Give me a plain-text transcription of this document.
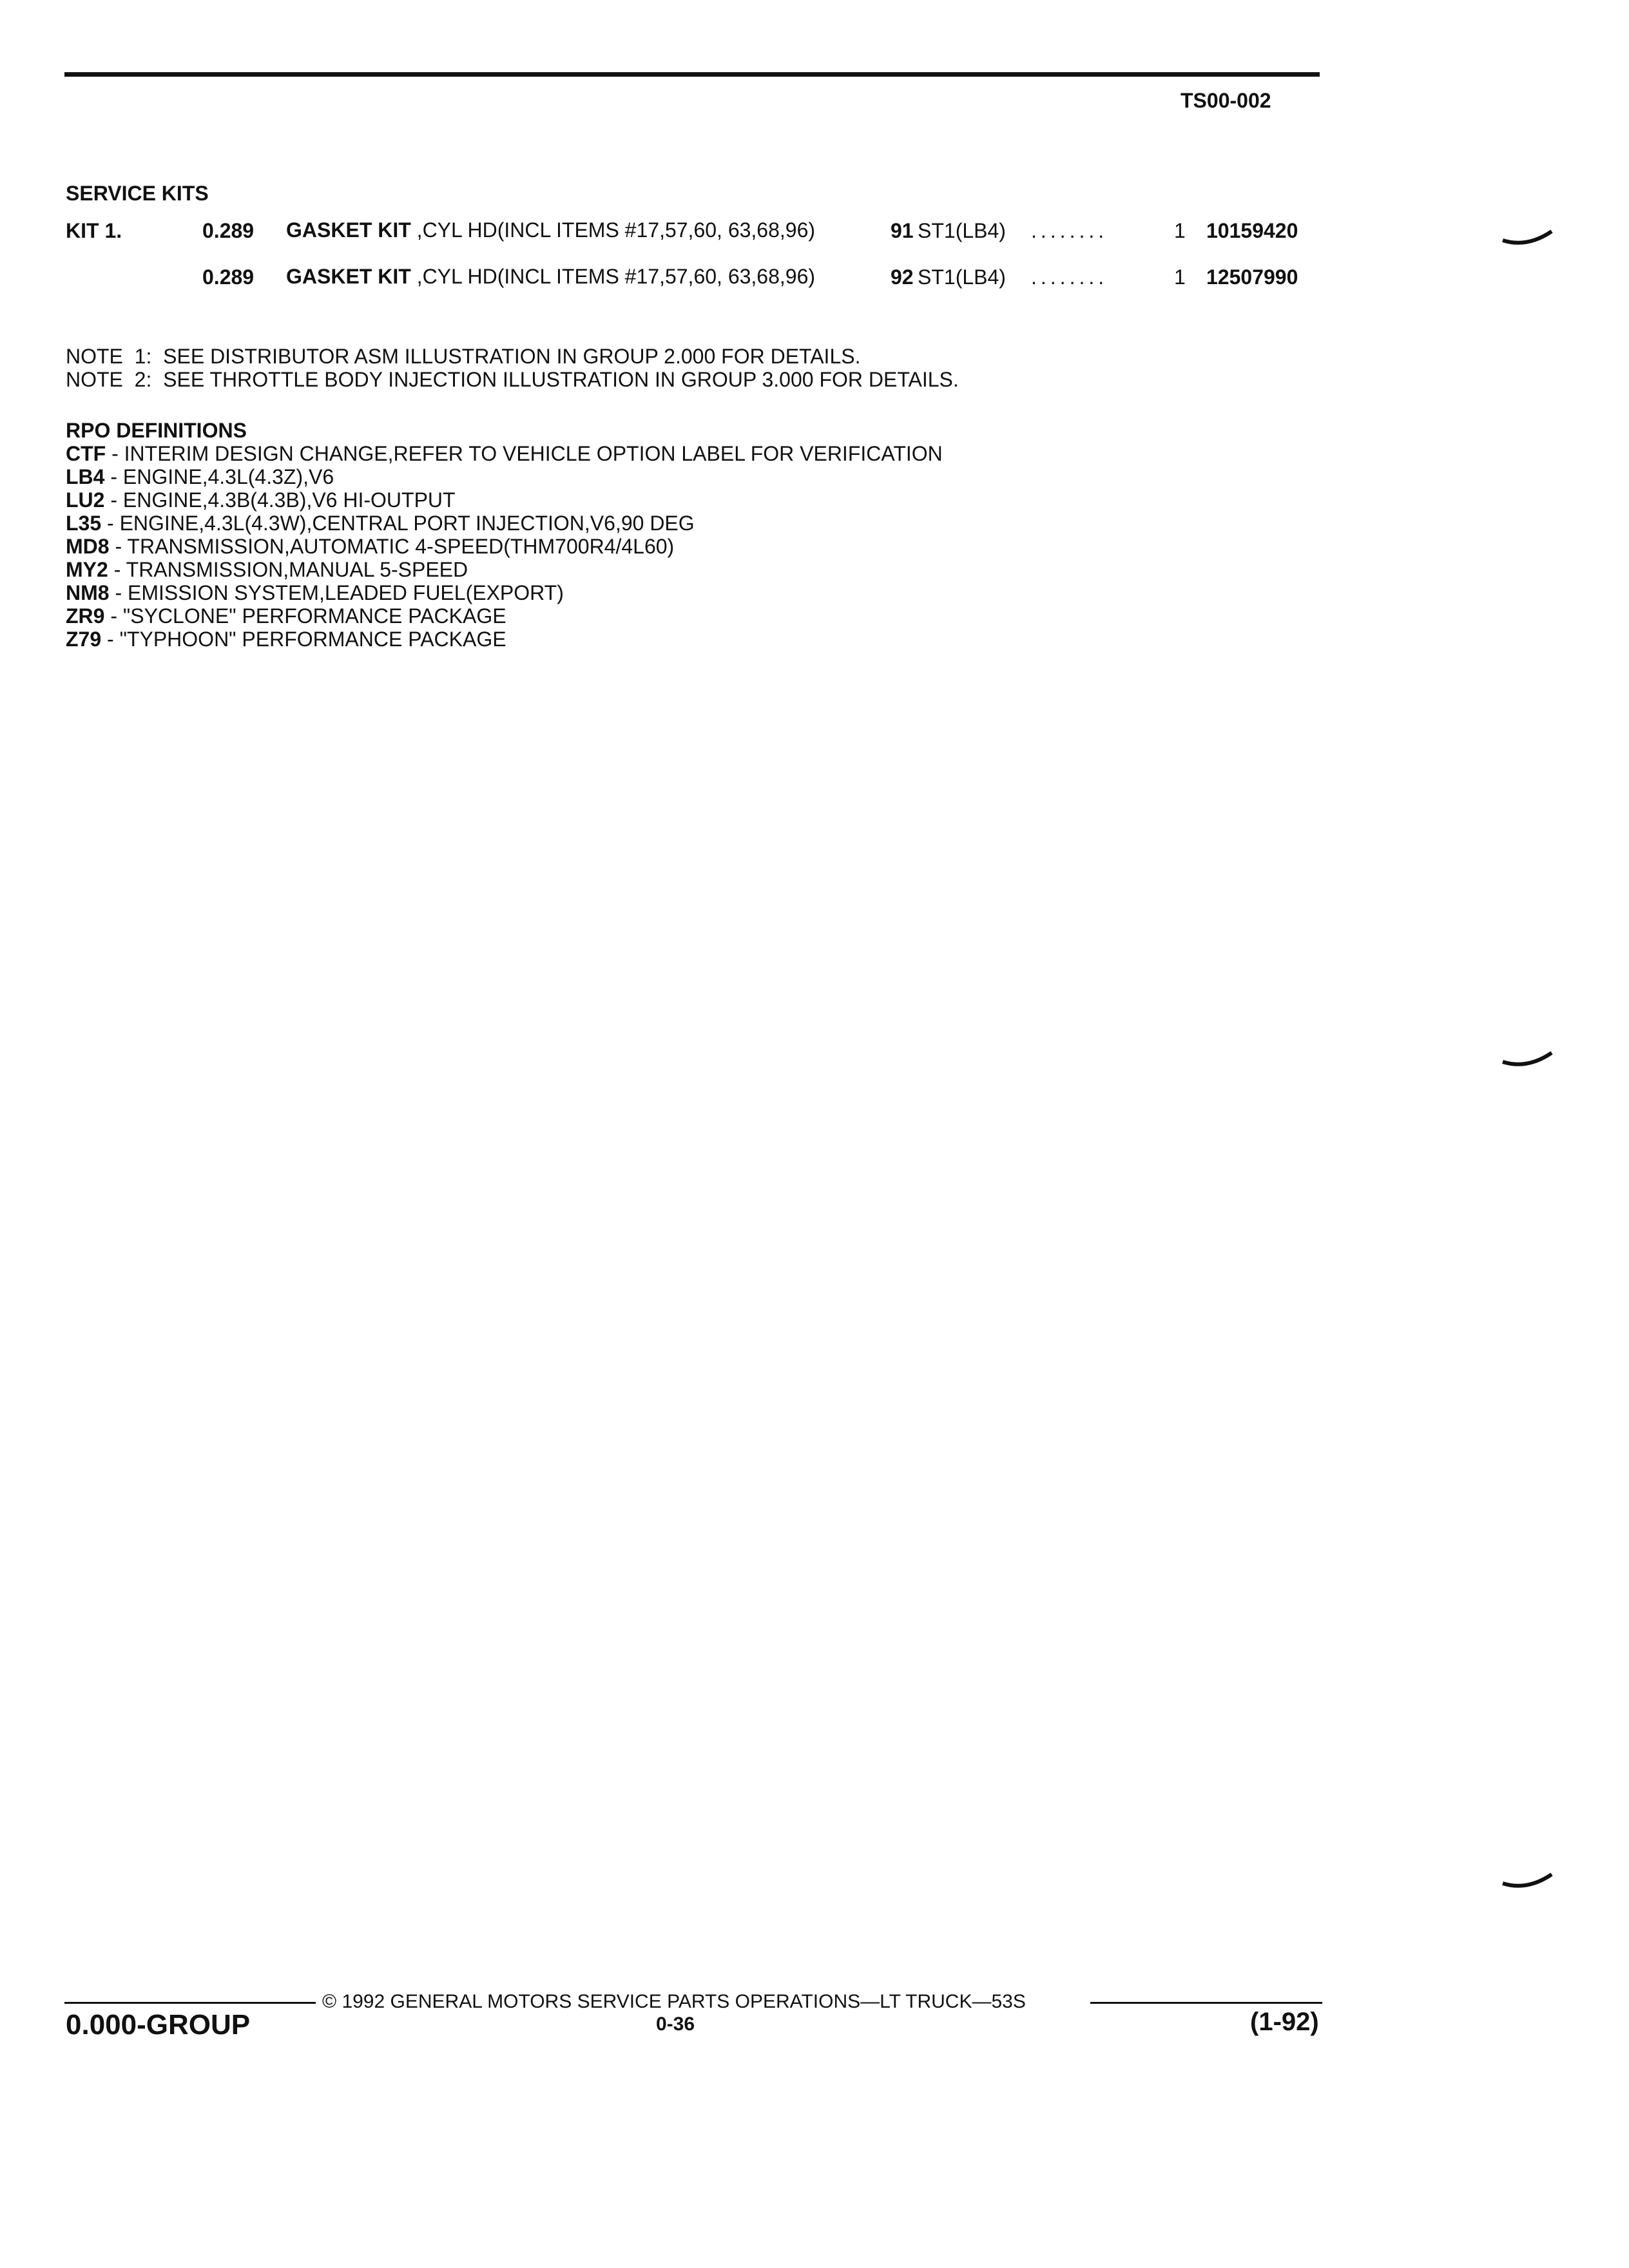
TS00-002
SERVICE KITS
KIT 1.	0.289 GASKET KIT ,CYL HD(INCL ITEMS #17,57,60, 63,68,96)	91 ST1(LB4) ........	1 10159420
0.289 GASKET KIT ,CYL HD(INCL ITEMS #17,57,60, 63,68,96)	92 ST1(LB4) ........	1 12507990
NOTE  1:  SEE DISTRIBUTOR ASM ILLUSTRATION IN GROUP 2.000 FOR DETAILS.
NOTE  2:  SEE THROTTLE BODY INJECTION ILLUSTRATION IN GROUP 3.000 FOR DETAILS.
RPO DEFINITIONS
CTF - INTERIM DESIGN CHANGE,REFER TO VEHICLE OPTION LABEL FOR VERIFICATION
LB4 - ENGINE,4.3L(4.3Z),V6
LU2 - ENGINE,4.3B(4.3B),V6 HI-OUTPUT
L35 - ENGINE,4.3L(4.3W),CENTRAL PORT INJECTION,V6,90 DEG
MD8 - TRANSMISSION,AUTOMATIC 4-SPEED(THM700R4/4L60)
MY2 - TRANSMISSION,MANUAL 5-SPEED
NM8 - EMISSION SYSTEM,LEADED FUEL(EXPORT)
ZR9 - "SYCLONE" PERFORMANCE PACKAGE
Z79 - "TYPHOON" PERFORMANCE PACKAGE
© 1992 GENERAL MOTORS SERVICE PARTS OPERATIONS—LT TRUCK—53S
0.000-GROUP	0-36	(1-92)
